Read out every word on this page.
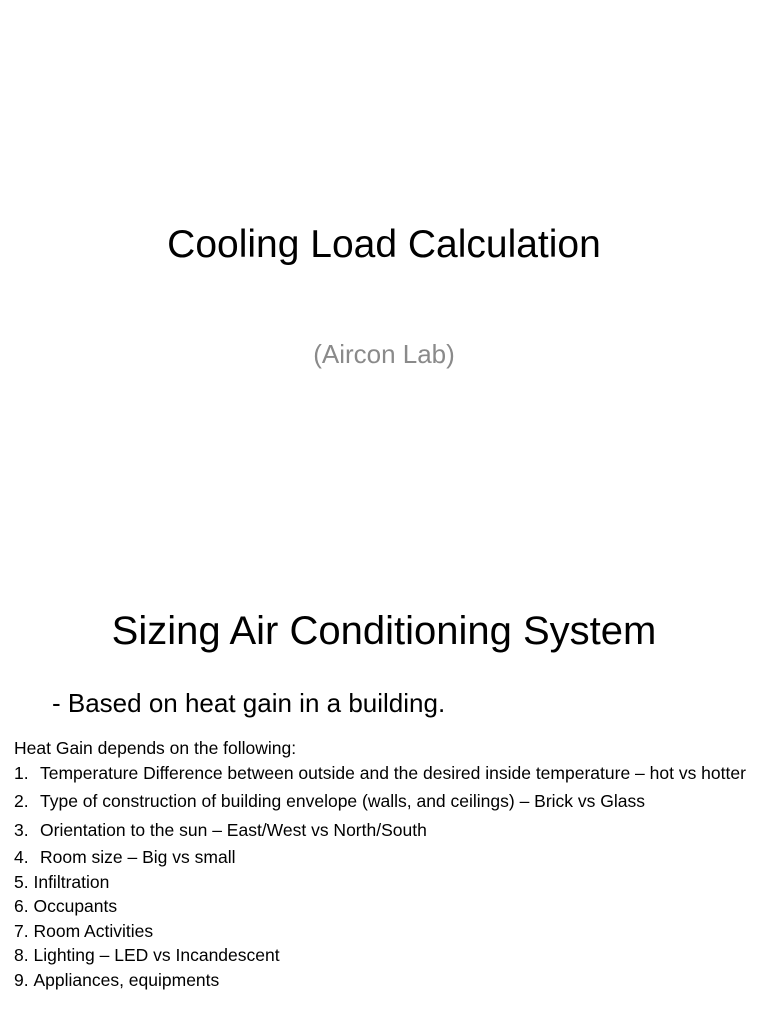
Cooling Load Calculation
(Aircon Lab)
Sizing Air Conditioning System

- Based on heat gain in a building.

Heat Gain depends on the following:

1. Temperature Difference between outside and the desired inside temperature – hot vs hotter
2. Type of construction of building envelope (walls, and ceilings) – Brick vs Glass
3. Orientation to the sun – East/West vs North/South
4. Room size – Big vs small
5. Infiltration
6. Occupants
7. Room Activities
8. Lighting – LED vs Incandescent
9. Appliances, equipments
